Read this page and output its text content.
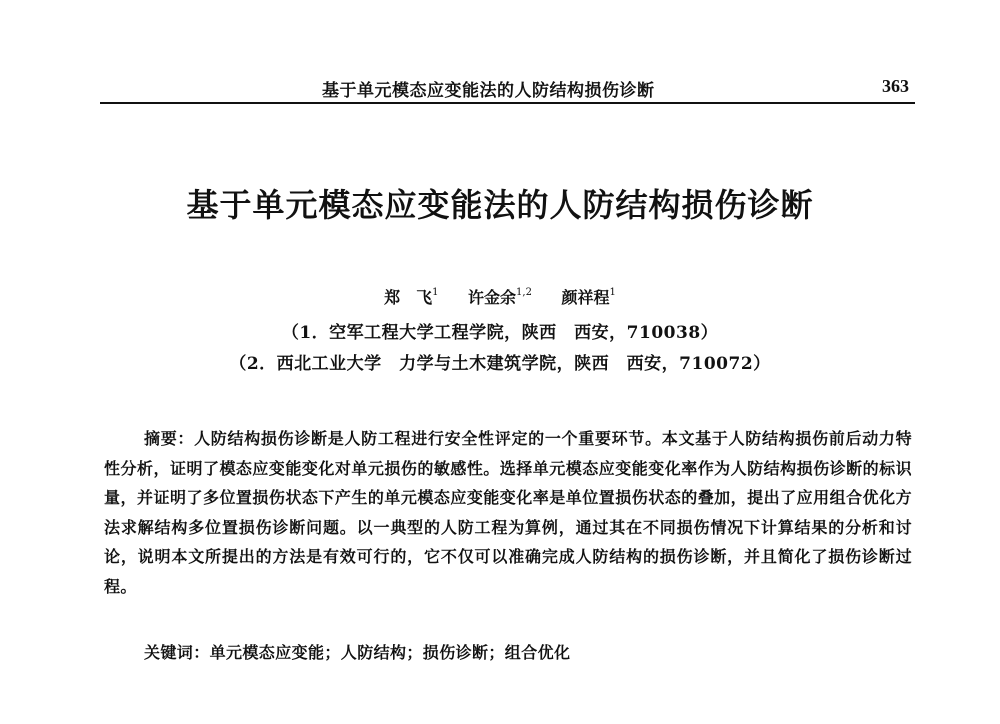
基于单元模态应变能法的人防结构损伤诊断	363
基于单元模态应变能法的人防结构损伤诊断
郑　飞$^1$ 许金余$^{1,2}$ 颜祥程$^1$
（1．空军工程大学工程学院，陕西　西安，710038）
（2．西北工业大学　力学与土木建筑学院，陕西　西安，710072）
摘要：人防结构损伤诊断是人防工程进行安全性评定的一个重要环节。本文基于人防结构损伤前后动力特性分析，证明了模态应变能变化对单元损伤的敏感性。选择单元模态应变能变化率作为人防结构损伤诊断的标识量，并证明了多位置损伤状态下产生的单元模态应变能变化率是单位置损伤状态的叠加，提出了应用组合优化方法求解结构多位置损伤诊断问题。以一典型的人防工程为算例，通过其在不同损伤情况下计算结果的分析和讨论，说明本文所提出的方法是有效可行的，它不仅可以准确完成人防结构的损伤诊断，并且简化了损伤诊断过程。
关键词：单元模态应变能；人防结构；损伤诊断；组合优化
